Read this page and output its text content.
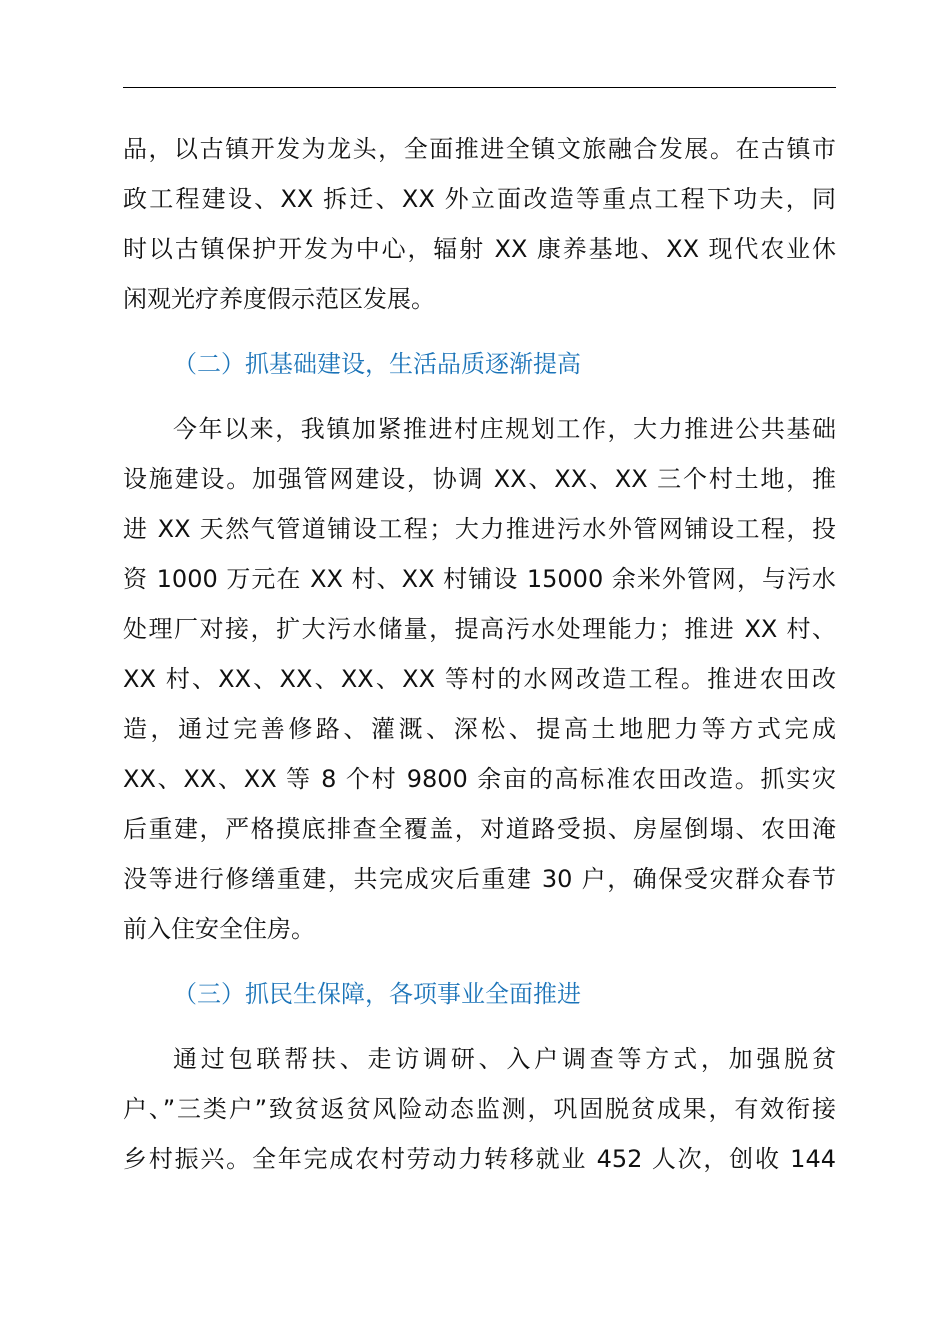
品，以古镇开发为龙头，全面推进全镇文旅融合发展。在古镇市
政工程建设、XX 拆迁、XX 外立面改造等重点工程下功夫，同
时以古镇保护开发为中心，辐射 XX 康养基地、XX 现代农业休
闲观光疗养度假示范区发展。
（二）抓基础建设，生活品质逐渐提高
今年以来，我镇加紧推进村庄规划工作，大力推进公共基础
设施建设。加强管网建设，协调 XX、XX、XX 三个村土地，推
进 XX 天然气管道铺设工程；大力推进污水外管网铺设工程，投
资 1000 万元在 XX 村、XX 村铺设 15000 余米外管网，与污水
处理厂对接，扩大污水储量，提高污水处理能力；推进 XX 村、
XX 村、XX、XX、XX、XX 等村的水网改造工程。推进农田改
造，通过完善修路、灌溉、深松、提高土地肥力等方式完成
XX、XX、XX 等 8 个村 9800 余亩的高标准农田改造。抓实灾
后重建，严格摸底排查全覆盖，对道路受损、房屋倒塌、农田淹
没等进行修缮重建，共完成灾后重建 30 户，确保受灾群众春节
前入住安全住房。
（三）抓民生保障，各项事业全面推进
通过包联帮扶、走访调研、入户调查等方式，加强脱贫
户、”三类户”致贫返贫风险动态监测，巩固脱贫成果，有效衔接
乡村振兴。全年完成农村劳动力转移就业 452 人次，创收 144
